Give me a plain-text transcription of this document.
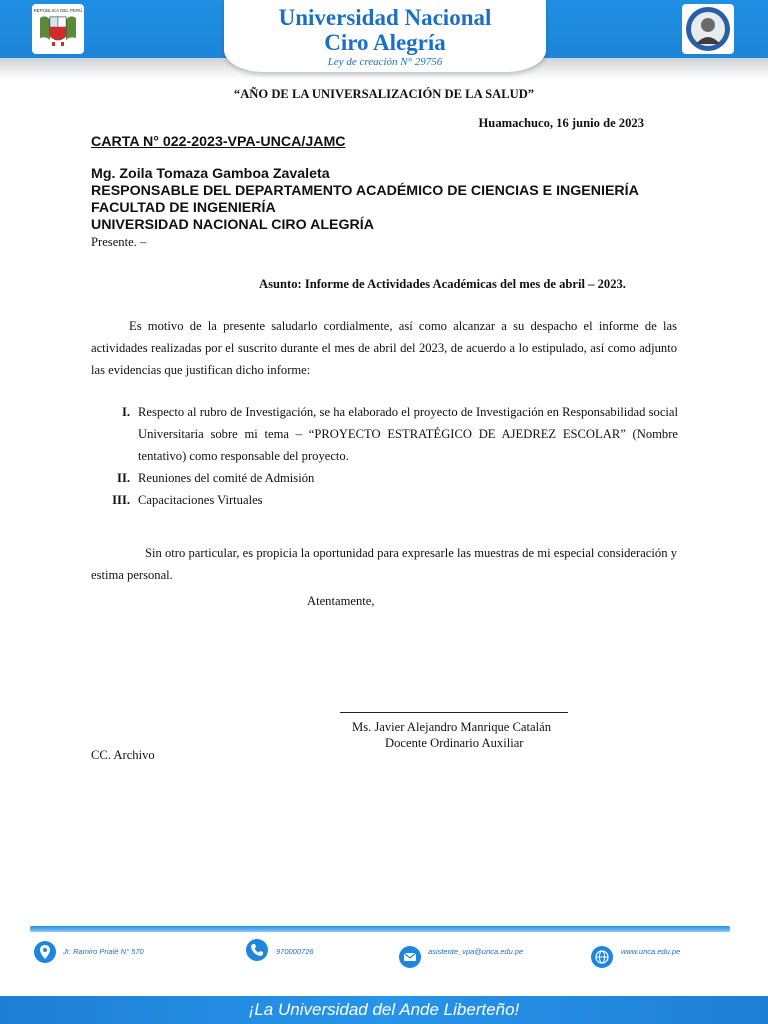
REPÚBLICA DEL PERÚ	Universidad Nacional
Ciro Alegría
Ley de creación N° 29756
“AÑO DE LA UNIVERSALIZACIÓN DE LA SALUD”
Huamachuco, 16 junio de 2023
CARTA N° 022-2023-VPA-UNCA/JAMC
Mg. Zoila Tomaza Gamboa Zavaleta
RESPONSABLE DEL DEPARTAMENTO ACADÉMICO DE CIENCIAS E INGENIERÍA
FACULTAD DE INGENIERÍA
UNIVERSIDAD NACIONAL CIRO ALEGRÍA
Presente. –
Asunto: Informe de Actividades Académicas del mes de abril – 2023.

Es motivo de la presente saludarlo cordialmente, así como alcanzar a su despacho el informe de las actividades realizadas por el suscrito durante el mes de abril del 2023, de acuerdo a lo estipulado, así como adjunto las evidencias que justifican dicho informe:

I. Respecto al rubro de Investigación, se ha elaborado el proyecto de Investigación en Responsabilidad social Universitaria sobre mi tema – “PROYECTO ESTRATÉGICO DE AJEDREZ ESCOLAR” (Nombre tentativo) como responsable del proyecto.
II. Reuniones del comité de Admisión
III. Capacitaciones Virtuales

Sin otro particular, es propicia la oportunidad para expresarle las muestras de mi especial consideración y estima personal.

Atentamente,
Ms. Javier Alejandro Manrique Catalán
Docente Ordinario Auxiliar
CC. Archivo
Jr. Ramiro Prialé N° 570	970000726	asistente_vpa@unca.edu.pe	www.unca.edu.pe
¡La Universidad del Ande Liberteño!
